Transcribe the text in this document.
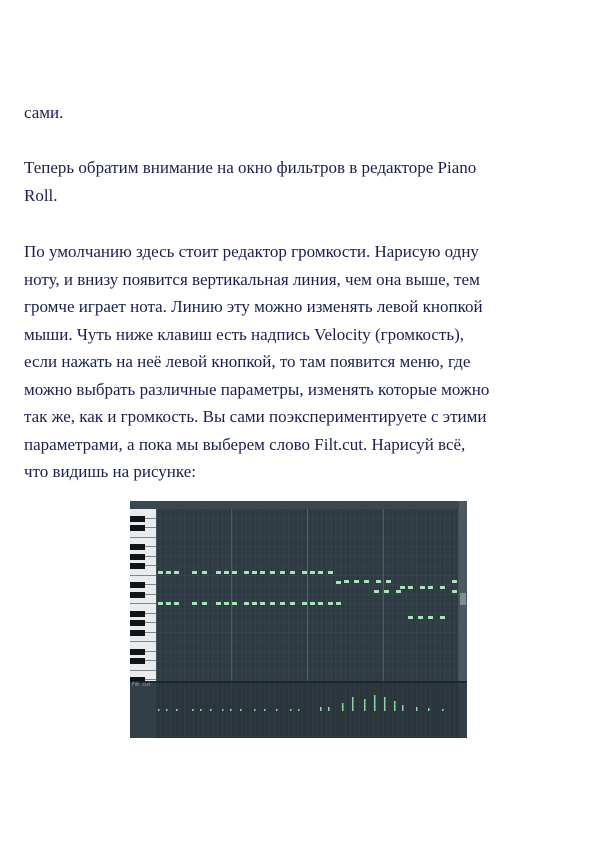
сами.
Теперь обратим внимание на окно фильтров в редакторе Piano
Roll.
По умолчанию здесь стоит редактор громкости. Нарисую одну
ноту, и внизу появится вертикальная линия, чем она выше, тем
громче играет нота. Линию эту можно изменять левой кнопкой
мыши. Чуть ниже клавиш есть надпись Velocity (громкость),
если нажать на неё левой кнопкой, то там появится меню, где
можно выбрать различные параметры, изменять которые можно
так же, как и громкость. Вы сами поэкспериментируете с этими
параметрами, а пока мы выберем слово Filt.cut. Нарисуй всё,
что видишь на рисунке:
Filt. cut
